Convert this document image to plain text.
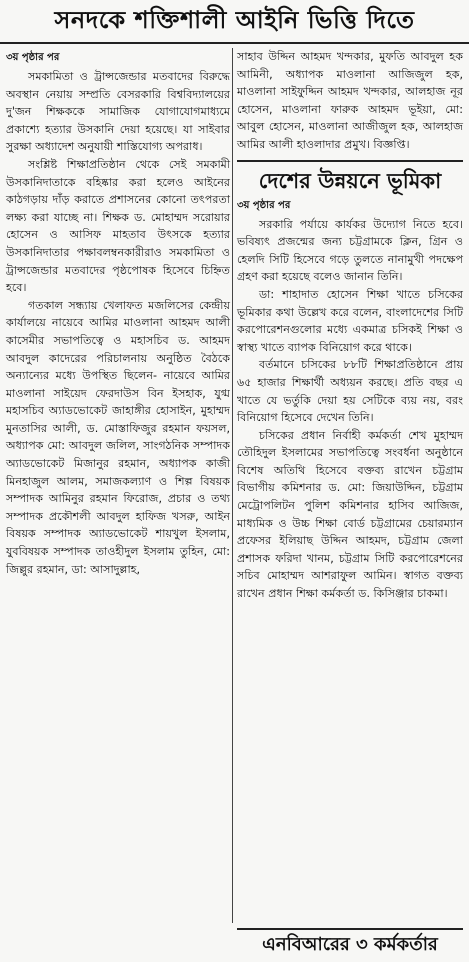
সনদকে শক্তিশালী আইনি ভিত্তি দিতে
৩য় পৃষ্ঠার পর

সমকামিতা ও ট্রান্সজেন্ডার মতবাদের বিরুদ্ধে অবস্থান নেয়ায় সম্প্রতি বেসরকারি বিশ্ববিদ্যালয়ের দু'জন শিক্ষককে সামাজিক যোগাযোগমাধ্যমে প্রকাশ্যে হত্যার উসকানি দেয়া হয়েছে। যা সাইবার সুরক্ষা অধ্যাদেশ অনুযায়ী শাস্তিযোগ্য অপরাধ।

সংশ্লিষ্ট শিক্ষাপ্রতিষ্ঠান থেকে সেই সমকামী উসকানিদাতাকে বহিষ্কার করা হলেও আইনের কাঠগড়ায় দাঁড় করাতে প্রশাসনের কোনো তৎপরতা লক্ষ্য করা যাচ্ছে না। শিক্ষক ড. মোহাম্মদ সরোয়ার হোসেন ও আসিফ মাহতাব উৎসকে হত্যার উসকানিদাতার পক্ষাবলম্বনকারীরাও সমকামিতা ও ট্রান্সজেন্ডার মতবাদের পৃষ্ঠপোষক হিসেবে চিহ্নিত হবে।

গতকাল সন্ধ্যায় খেলাফত মজলিসের কেন্দ্রীয় কার্যালয়ে নায়েবে আমির মাওলানা আহমদ আলী কাসেমীর সভাপতিত্বে ও মহাসচিব ড. আহমদ আবদুল কাদেরের পরিচালনায় অনুষ্ঠিত বৈঠকে অন্যান্যের মধ্যে উপস্থিত ছিলেন- নায়েবে আমির মাওলানা সাইয়েদ ফেরদাউস বিন ইসহাক, যুগ্ম মহাসচিব অ্যাডভোকেট জাহাঙ্গীর হোসাইন, মুহাম্মদ মুনতাসির আলী, ড. মোস্তাফিজুর রহমান ফয়সল, অধ্যাপক মো: আবদুল জলিল, সাংগঠনিক সম্পাদক অ্যাডভোকেট মিজানুর রহমান, অধ্যাপক কাজী মিনহাজুল আলম, সমাজকল্যাণ ও শিল্প বিষয়ক সম্পাদক আমিনুর রহমান ফিরোজ, প্রচার ও তথ্য সম্পাদক প্রকৌশলী আবদুল হাফিজ খসরু, আইন বিষয়ক সম্পাদক অ্যাডভোকেট শায়খুল ইসলাম, যুববিষয়ক সম্পাদক তাওহীদুল ইসলাম তুহিন, মো: জিল্লুর রহমান, ডা: আসাদুল্লাহ,

সাহাব উদ্দিন আহমদ খন্দকার, মুফতি আবদুল হক আমিনী, অধ্যাপক মাওলানা আজিজুল হক, মাওলানা সাইফুদ্দিন আহমদ খন্দকার, আলহাজ নূর হোসেন, মাওলানা ফারুক আহমদ ভূইয়া, মো: আবুল হোসেন, মাওলানা আজীজুল হক, আলহাজ আমির আলী হাওলাদার প্রমুখ। বিজ্ঞপ্তি।

দেশের উন্নয়নে ভূমিকা
৩য় পৃষ্ঠার পর

সরকারি পর্যায়ে কার্যকর উদ্যোগ নিতে হবে। ভবিষ্যৎ প্রজন্মের জন্য চট্টগ্রামকে ক্লিন, গ্রিন ও হেলদি সিটি হিসেবে গড়ে তুলতে নানামুখী পদক্ষেপ গ্রহণ করা হয়েছে বলেও জানান তিনি।

ডা: শাহাদাত হোসেন শিক্ষা খাতে চসিকের ভূমিকার কথা উল্লেখ করে বলেন, বাংলাদেশের সিটি করপোরেশনগুলোর মধ্যে একমাত্র চসিকই শিক্ষা ও স্বাস্থ্য খাতে ব্যাপক বিনিয়োগ করে থাকে।

বর্তমানে চসিকের ৮৮টি শিক্ষাপ্রতিষ্ঠানে প্রায় ৬৫ হাজার শিক্ষার্থী অধ্যয়ন করছে। প্রতি বছর এ খাতে যে ভর্তুকি দেয়া হয় সেটিকে ব্যয় নয়, বরং বিনিয়োগ হিসেবে দেখেন তিনি।

চসিকের প্রধান নির্বাহী কর্মকর্তা শেখ মুহাম্মদ তৌহিদুল ইসলামের সভাপতিত্বে সংবর্ধনা অনুষ্ঠানে বিশেষ অতিথি হিসেবে বক্তব্য রাখেন চট্টগ্রাম বিভাগীয় কমিশনার ড. মো: জিয়াউদ্দিন, চট্টগ্রাম মেট্রোপলিটন পুলিশ কমিশনার হাসিব আজিজ, মাধ্যমিক ও উচ্চ শিক্ষা বোর্ড চট্টগ্রামের চেয়ারম্যান প্রফেসর ইলিয়াছ উদ্দিন আহমদ, চট্টগ্রাম জেলা প্রশাসক ফরিদা খানম, চট্টগ্রাম সিটি করপোরেশনের সচিব মোহাম্মদ আশরাফুল আমিন। স্বাগত বক্তব্য রাখেন প্রধান শিক্ষা কর্মকর্তা ড. কিসিঞ্জার চাকমা।

এনবিআরের ৩ কর্মকর্তার
